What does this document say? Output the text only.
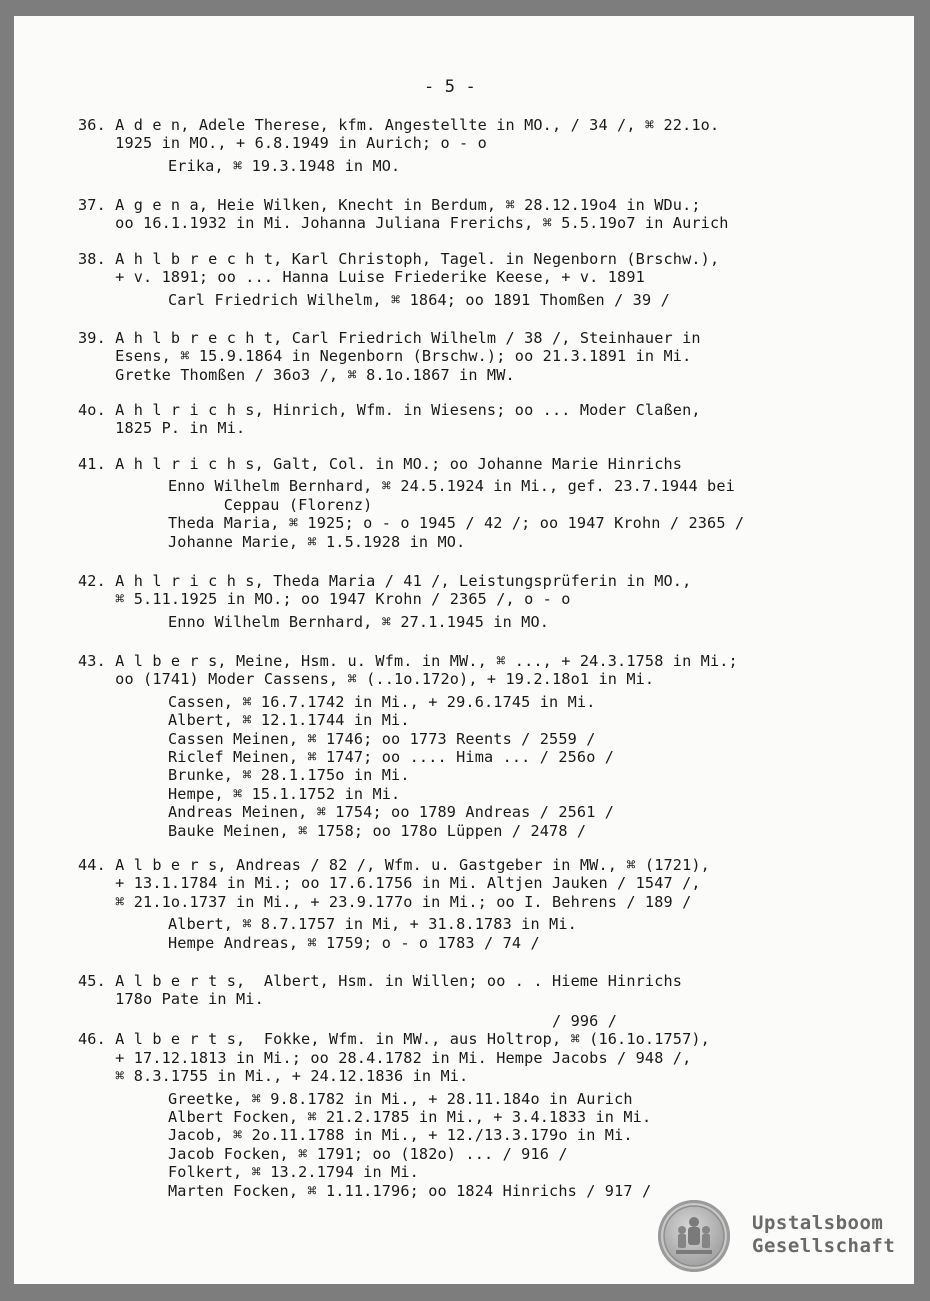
- 5 -
36. A d e n, Adele Therese, kfm. Angestellte in MO., / 34 /, ⌘ 22.1o.
1925 in MO., + 6.8.1949 in Aurich; o - o
Erika, ⌘ 19.3.1948 in MO.
37. A g e n a, Heie Wilken, Knecht in Berdum, ⌘ 28.12.19o4 in WDu.;
oo 16.1.1932 in Mi. Johanna Juliana Frerichs, ⌘ 5.5.19o7 in Aurich
38. A h l b r e c h t, Karl Christoph, Tagel. in Negenborn (Brschw.),
+ v. 1891; oo ... Hanna Luise Friederike Keese, + v. 1891
Carl Friedrich Wilhelm, ⌘ 1864; oo 1891 Thomßen / 39 /
39. A h l b r e c h t, Carl Friedrich Wilhelm / 38 /, Steinhauer in
Esens, ⌘ 15.9.1864 in Negenborn (Brschw.); oo 21.3.1891 in Mi.
Gretke Thomßen / 36o3 /, ⌘ 8.1o.1867 in MW.
4o. A h l r i c h s, Hinrich, Wfm. in Wiesens; oo ... Moder Claßen,
1825 P. in Mi.
41. A h l r i c h s, Galt, Col. in MO.; oo Johanne Marie Hinrichs
Enno Wilhelm Bernhard, ⌘ 24.5.1924 in Mi., gef. 23.7.1944 bei
Ceppau (Florenz)
Theda Maria, ⌘ 1925; o - o 1945 / 42 /; oo 1947 Krohn / 2365 /
Johanne Marie, ⌘ 1.5.1928 in MO.
42. A h l r i c h s, Theda Maria / 41 /, Leistungsprüferin in MO.,
⌘ 5.11.1925 in MO.; oo 1947 Krohn / 2365 /, o - o
Enno Wilhelm Bernhard, ⌘ 27.1.1945 in MO.
43. A l b e r s, Meine, Hsm. u. Wfm. in MW., ⌘ ..., + 24.3.1758 in Mi.;
oo (1741) Moder Cassens, ⌘ (..1o.172o), + 19.2.18o1 in Mi.
Cassen, ⌘ 16.7.1742 in Mi., + 29.6.1745 in Mi.
Albert, ⌘ 12.1.1744 in Mi.
Cassen Meinen, ⌘ 1746; oo 1773 Reents / 2559 /
Riclef Meinen, ⌘ 1747; oo .... Hima ... / 256o /
Brunke, ⌘ 28.1.175o in Mi.
Hempe, ⌘ 15.1.1752 in Mi.
Andreas Meinen, ⌘ 1754; oo 1789 Andreas / 2561 /
Bauke Meinen, ⌘ 1758; oo 178o Lüppen / 2478 /
44. A l b e r s, Andreas / 82 /, Wfm. u. Gastgeber in MW., ⌘ (1721),
+ 13.1.1784 in Mi.; oo 17.6.1756 in Mi. Altjen Jauken / 1547 /,
⌘ 21.1o.1737 in Mi., + 23.9.177o in Mi.; oo I. Behrens / 189 /
Albert, ⌘ 8.7.1757 in Mi, + 31.8.1783 in Mi.
Hempe Andreas, ⌘ 1759; o - o 1783 / 74 /
45. A l b e r t s,  Albert, Hsm. in Willen; oo . . Hieme Hinrichs
178o Pate in Mi.
/ 996 /
46. A l b e r t s,  Fokke, Wfm. in MW., aus Holtrop, ⌘ (16.1o.1757),
+ 17.12.1813 in Mi.; oo 28.4.1782 in Mi. Hempe Jacobs / 948 /,
⌘ 8.3.1755 in Mi., + 24.12.1836 in Mi.
Greetke, ⌘ 9.8.1782 in Mi., + 28.11.184o in Aurich
Albert Focken, ⌘ 21.2.1785 in Mi., + 3.4.1833 in Mi.
Jacob, ⌘ 2o.11.1788 in Mi., + 12./13.3.179o in Mi.
Jacob Focken, ⌘ 1791; oo (182o) ... / 916 /
Folkert, ⌘ 13.2.1794 in Mi.
Marten Focken, ⌘ 1.11.1796; oo 1824 Hinrichs / 917 /
Upstalsboom
Gesellschaft
